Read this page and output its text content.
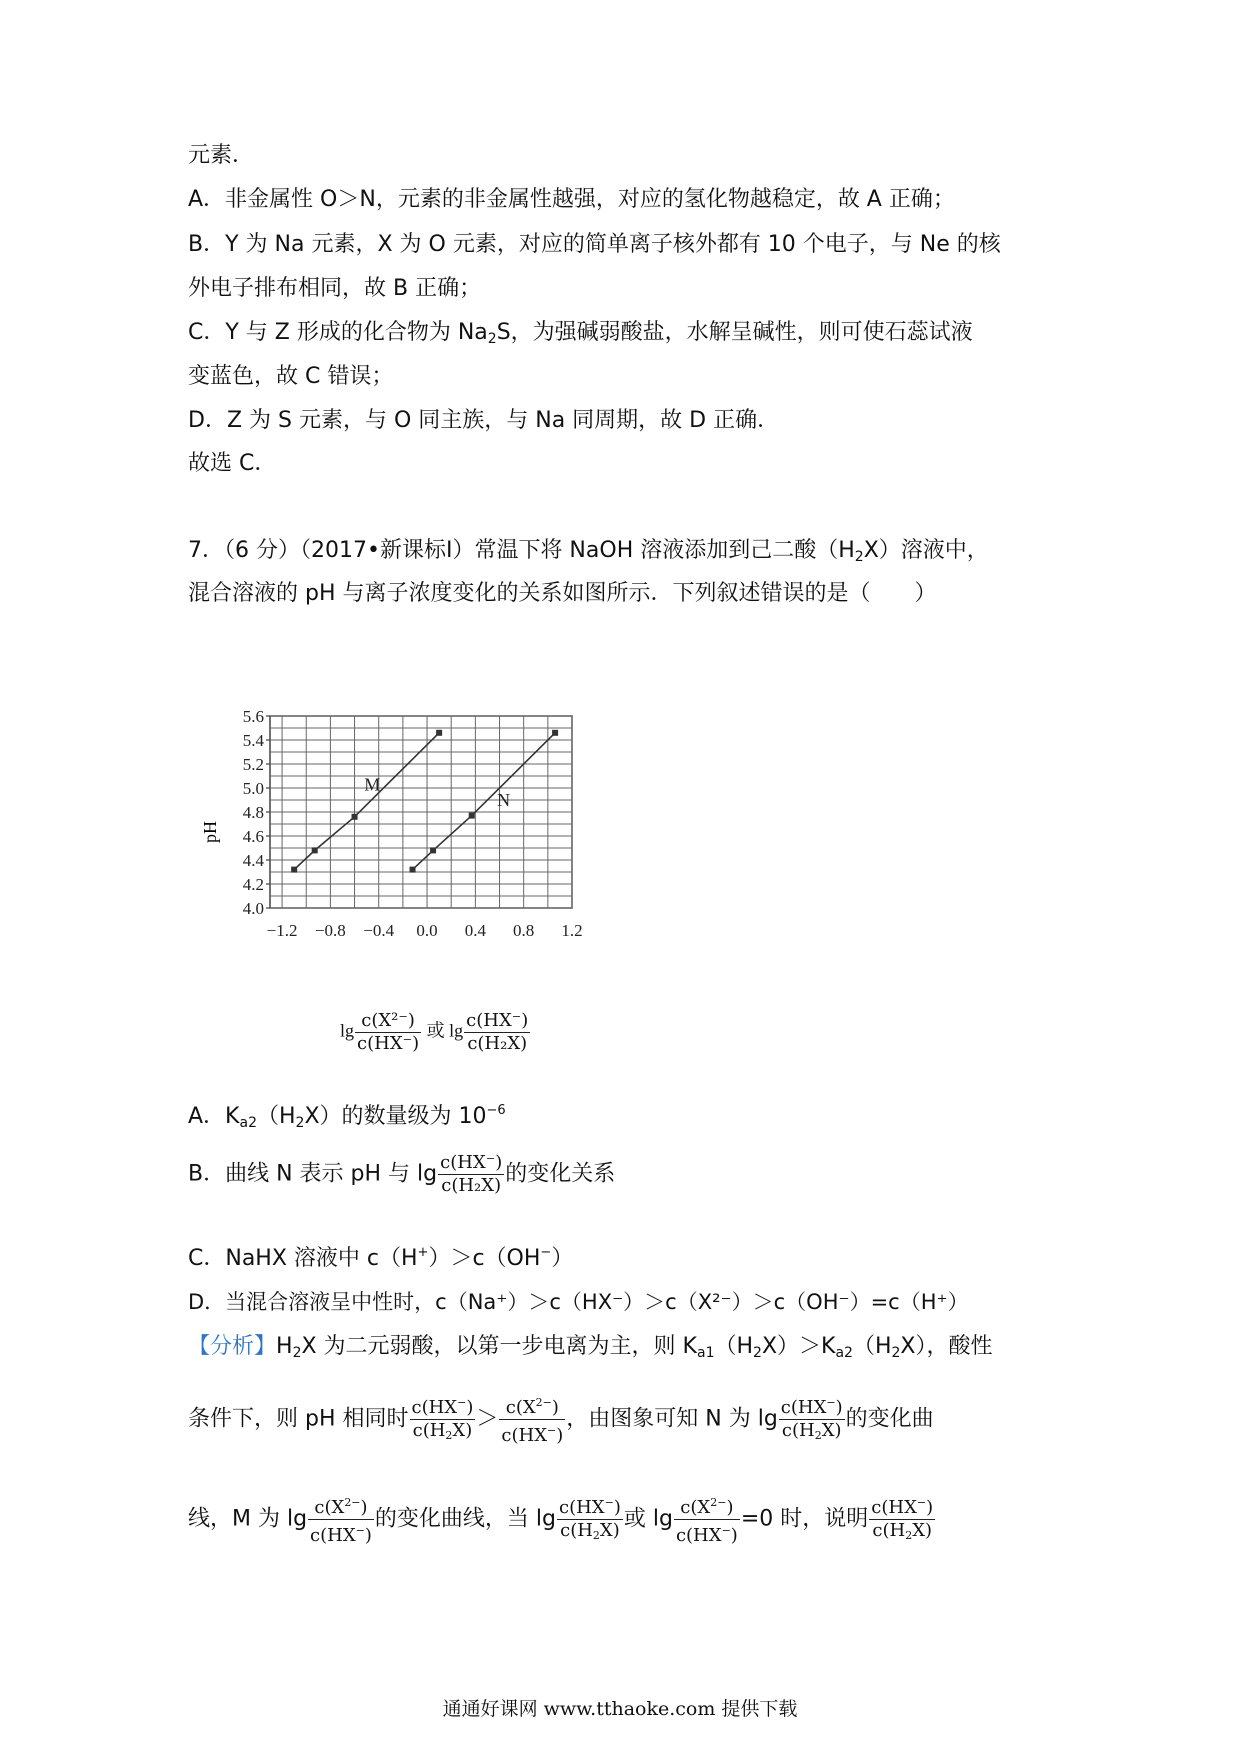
元素．
A．非金属性 O＞N，元素的非金属性越强，对应的氢化物越稳定，故 A 正确；
B．Y 为 Na 元素，X 为 O 元素，对应的简单离子核外都有 10 个电子，与 Ne 的核
外电子排布相同，故 B 正确；
C．Y 与 Z 形成的化合物为 $Na_2S$，为强碱弱酸盐，水解呈碱性，则可使石蕊试液
变蓝色，故 C 错误；
D．Z 为 S 元素，与 O 同主族，与 Na 同周期，故 D 正确．
故选 C．
7．（6 分）（2017•新课标Ⅰ）常温下将 NaOH 溶液添加到己二酸$(H_2X)$溶液中，
混合溶液的 pH 与离子浓度变化的关系如图所示．下列叙述错误的是（　　）
4.0
4.2
4.4
4.6
4.8
5.0
5.2
5.4
5.6
−1.2 −0.8 −0.4 0.0 0.4 0.8 1.2
M
N
pH
$\lg \frac{\text{c(X²⁻)}}{c(HX^-)}$ 或 $\lg \frac{c(HX^-)}{\text{c(H₂X)}}$
A．$K_{a2}(H_2X)$的数量级为 $10^{-6}$
B．曲线 N 表示 pH 与 $\lg \frac{c(HX^-)}{\text{c(H₂X)}}$ 的变化关系
C．NaHX 溶液中 c（H+）＞c（OH−）
D．当混合溶液呈中性时，c（Na⁺）＞c（HX⁻）＞c（X²⁻）＞c（OH⁻）=c（H⁺）
【分析】$H_2X$ 为二元弱酸，以第一步电离为主，则 $K_{a1}(H_2X)>K_{a2}(H_2X)$，酸性
条件下，则 pH 相同时 $\frac{c(HX^-)}{c(H2X)} > \frac{c(X^{2-})}{c(HX^-)}$ ，由图象可知 N 为 $\lg \frac{c(HX^-)}{c(H2X)}$ 的变化曲
线，M 为 $\lg \frac{c(X^{2-})}{c(HX^-)}$ 的变化曲线，当 $\lg \frac{c(HX^-)}{c(H2X)}$ 或 $\lg \frac{c(X^{2-})}{c(HX^-)} =0$ 时，说明 $\frac{c(HX^-)}{c(H2X)}$
通通好课网 www.tthaoke.com 提供下载
